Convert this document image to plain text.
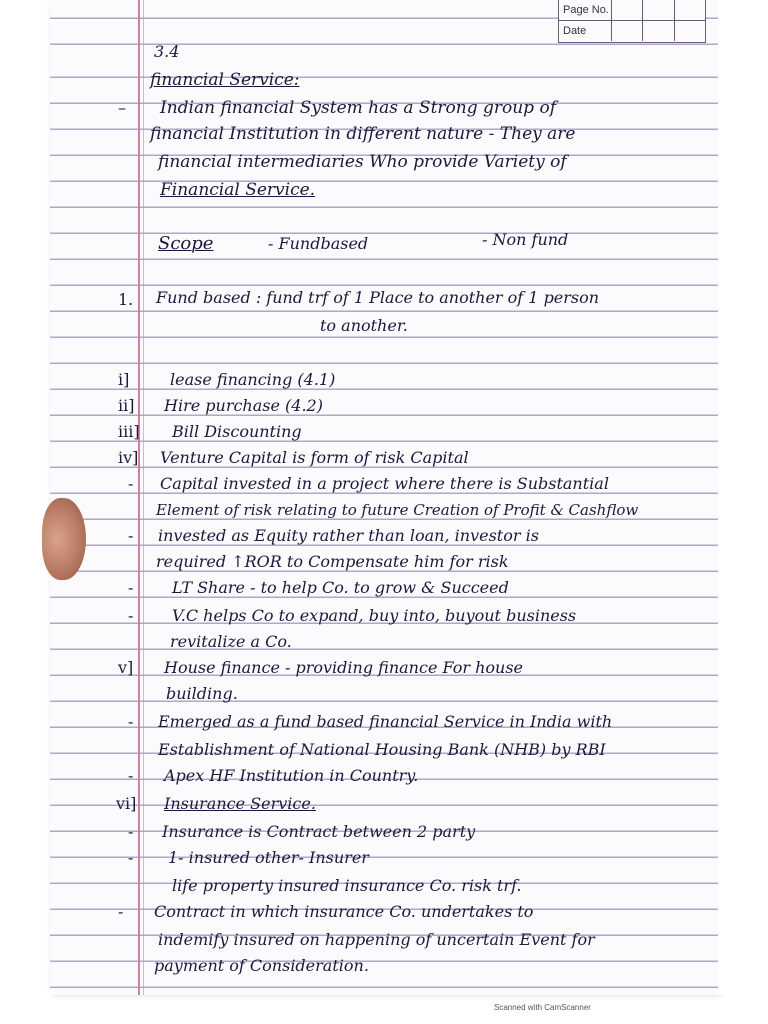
Page No.
Date
3.4
financial Service:
– Indian financial System has a Strong group of
financial Institution in different nature - They are
financial intermediaries Who provide Variety of
Financial Service.
Scope	- Fundbased	- Non fund
1. Fund based : fund trf of 1 Place to another of 1 person
to another.
i]	lease financing (4.1)
ii] Hire purchase (4.2)
iii] Bill Discounting
iv] Venture Capital is form of risk Capital
- Capital invested in a project where there is Substantial
Element of risk relating to future Creation of Profit & Cashflow
- invested as Equity rather than loan, investor is
required ↑ROR to Compensate him for risk
- LT Share - to help Co. to grow & Succeed
- V.C helps Co to expand, buy into, buyout business
revitalize a Co.
v] House finance - providing finance For house
building.
- Emerged as a fund based financial Service in India with
Establishment of National Housing Bank (NHB) by RBI
- Apex HF Institution in Country.
vi] Insurance Service.
- Insurance is Contract between 2 party
- 1- insured other- Insurer
life property insured insurance Co. risk trf.
- Contract in which insurance Co. undertakes to
indemify insured on happening of uncertain Event for
payment of Consideration.
Scanned with CamScanner
